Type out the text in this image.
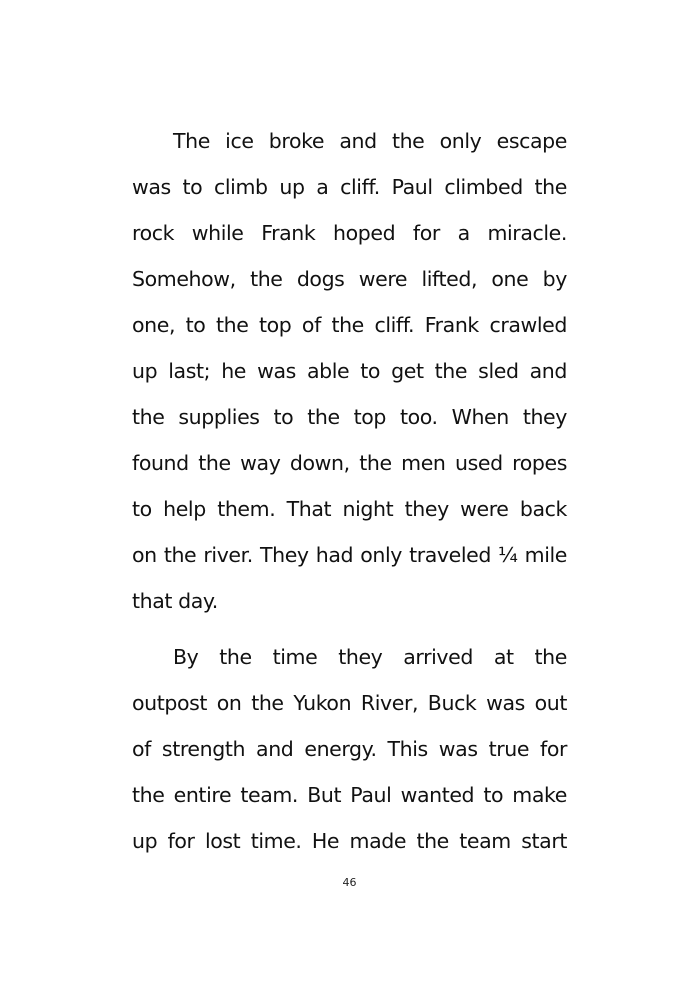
The ice broke and the only escape
was to climb up a cliff. Paul climbed the
rock while Frank hoped for a miracle.
Somehow, the dogs were lifted, one by
one, to the top of the cliff. Frank crawled
up last; he was able to get the sled and
the supplies to the top too. When they
found the way down, the men used ropes
to help them. That night they were back
on the river. They had only traveled ¼ mile
that day.
By the time they arrived at the
outpost on the Yukon River, Buck was out
of strength and energy. This was true for
the entire team. But Paul wanted to make
up for lost time. He made the team start
46
